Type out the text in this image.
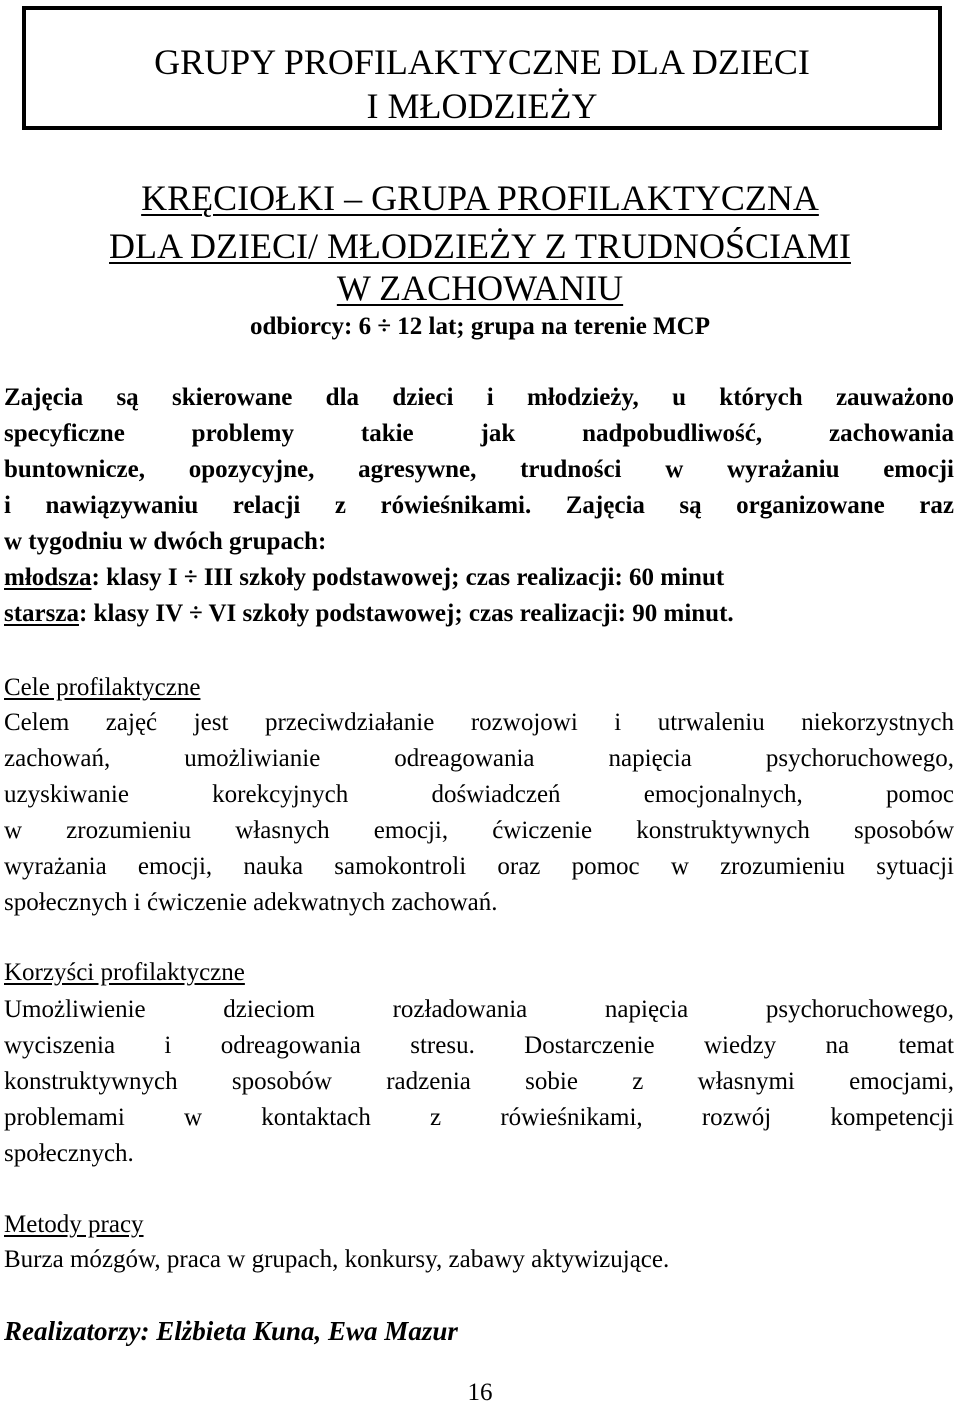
GRUPY PROFILAKTYCZNE DLA DZIECI

I MŁODZIEŻY

KRĘCIOŁKI – GRUPA PROFILAKTYCZNA
DLA DZIECI/ MŁODZIEŻY Z TRUDNOŚCIAMI
W ZACHOWANIU
odbiorcy: 6 ÷ 12 lat; grupa na terenie MCP
Zajęcia są skierowane dla dzieci i młodzieży, u których zauważono
specyficzne problemy takie jak nadpobudliwość, zachowania
buntownicze, opozycyjne, agresywne, trudności w wyrażaniu emocji
i nawiązywaniu relacji z rówieśnikami. Zajęcia są organizowane raz
w tygodniu w dwóch grupach:
młodsza: klasy I ÷ III szkoły podstawowej; czas realizacji: 60 minut
starsza: klasy IV ÷ VI szkoły podstawowej; czas realizacji: 90 minut.
Cele profilaktyczne
Celem zajęć jest przeciwdziałanie rozwojowi i utrwaleniu niekorzystnych
zachowań, umożliwianie odreagowania napięcia psychoruchowego,
uzyskiwanie korekcyjnych doświadczeń emocjonalnych, pomoc
w zrozumieniu własnych emocji, ćwiczenie konstruktywnych sposobów
wyrażania emocji, nauka samokontroli oraz pomoc w zrozumieniu sytuacji
społecznych i ćwiczenie adekwatnych zachowań.
Korzyści profilaktyczne
Umożliwienie dzieciom rozładowania napięcia psychoruchowego,
wyciszenia i odreagowania stresu. Dostarczenie wiedzy na temat
konstruktywnych sposobów radzenia sobie z własnymi emocjami,
problemami w kontaktach z rówieśnikami, rozwój kompetencji
społecznych.
Metody pracy
Burza mózgów, praca w grupach, konkursy, zabawy aktywizujące.
Realizatorzy: Elżbieta Kuna, Ewa Mazur
16
